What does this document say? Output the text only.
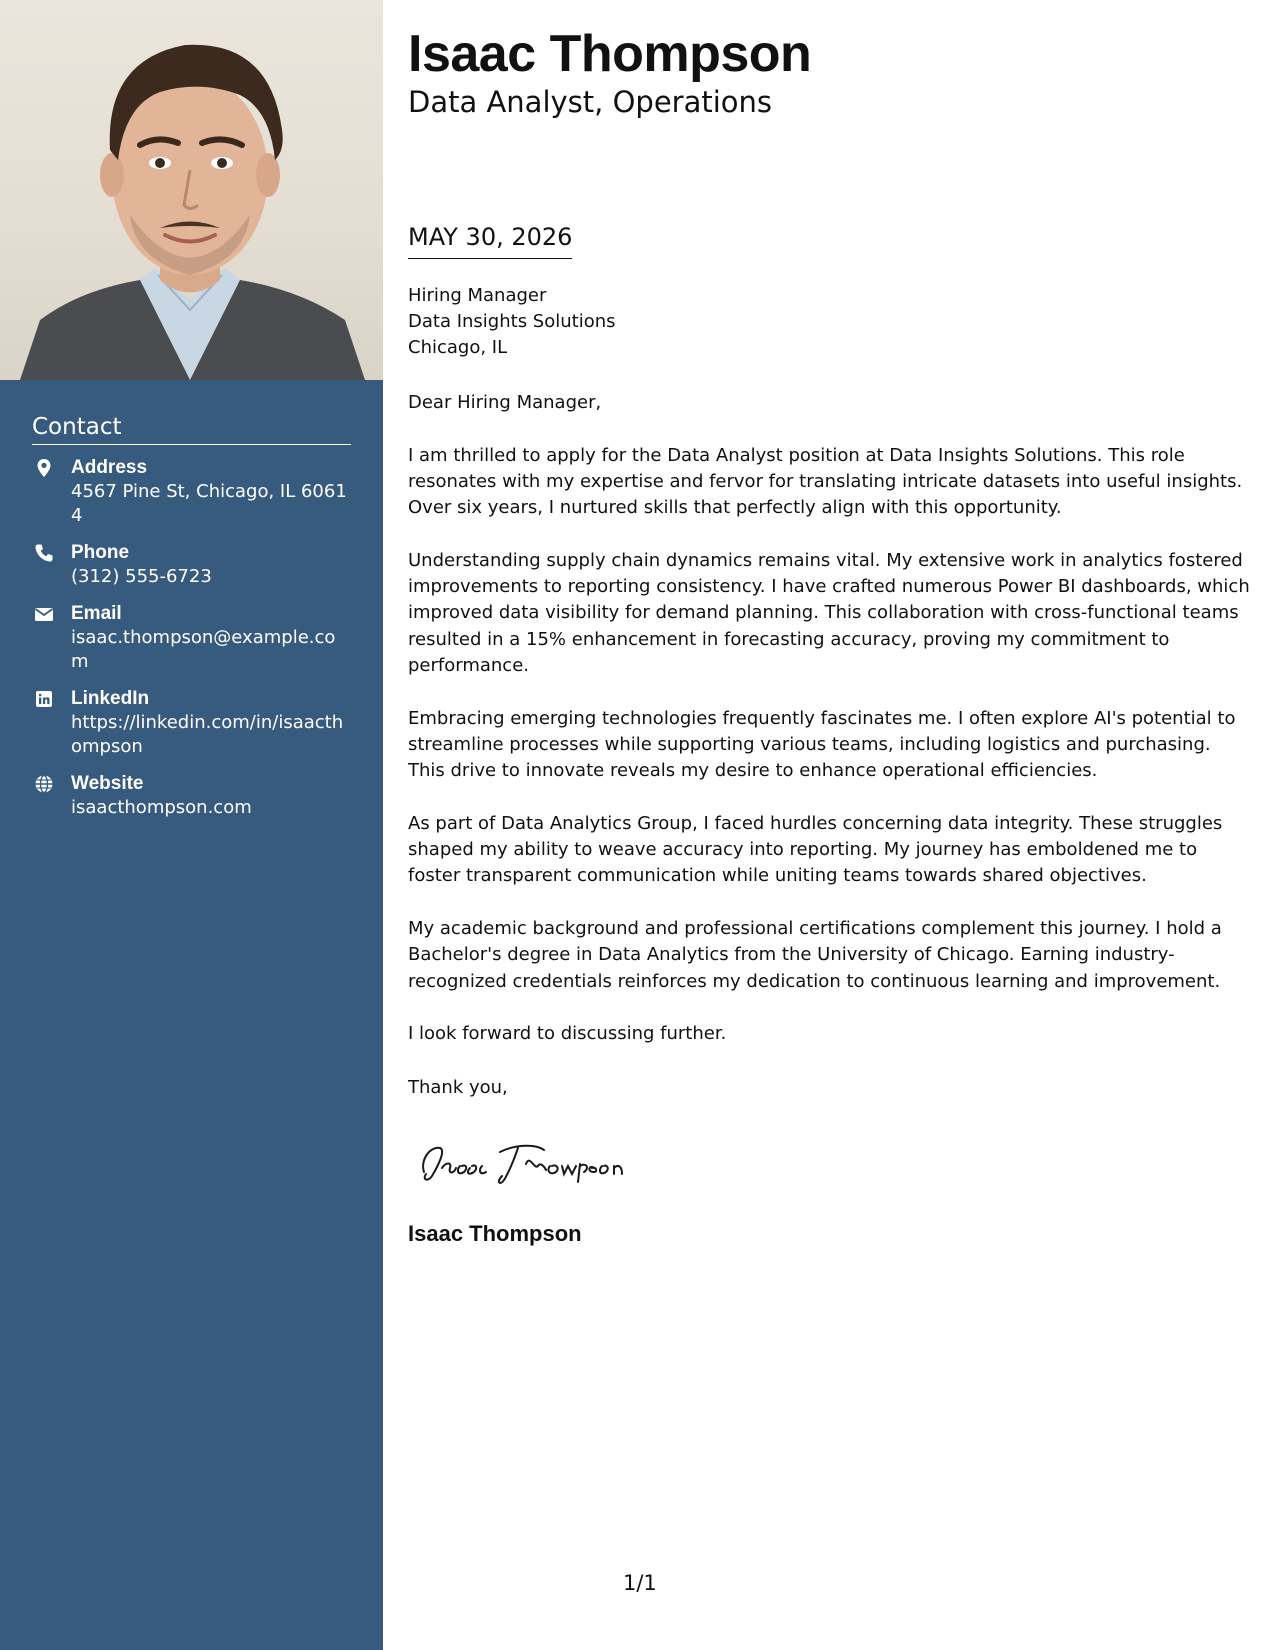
Contact
Address
4567 Pine St, Chicago, IL 60614
Phone
(312) 555-6723
Email
isaac.thompson@example.com
LinkedIn
https://linkedin.com/in/isaacthompson
Website
isaacthompson.com
Isaac Thompson
Data Analyst, Operations
MAY 30, 2026
Hiring Manager
Data Insights Solutions
Chicago, IL

Dear Hiring Manager,

I am thrilled to apply for the Data Analyst position at Data Insights Solutions. This role resonates with my expertise and fervor for translating intricate datasets into useful insights. Over six years, I nurtured skills that perfectly align with this opportunity.

Understanding supply chain dynamics remains vital. My extensive work in analytics fostered improvements to reporting consistency. I have crafted numerous Power BI dashboards, which improved data visibility for demand planning. This collaboration with cross-functional teams resulted in a 15% enhancement in forecasting accuracy, proving my commitment to performance.

Embracing emerging technologies frequently fascinates me. I often explore AI's potential to streamline processes while supporting various teams, including logistics and purchasing. This drive to innovate reveals my desire to enhance operational efficiencies.

As part of Data Analytics Group, I faced hurdles concerning data integrity. These struggles shaped my ability to weave accuracy into reporting. My journey has emboldened me to foster transparent communication while uniting teams towards shared objectives.

My academic background and professional certifications complement this journey. I hold a Bachelor's degree in Data Analytics from the University of Chicago. Earning industry-recognized credentials reinforces my dedication to continuous learning and improvement.

I look forward to discussing further.

Thank you,
Isaac Thompson
1/1
